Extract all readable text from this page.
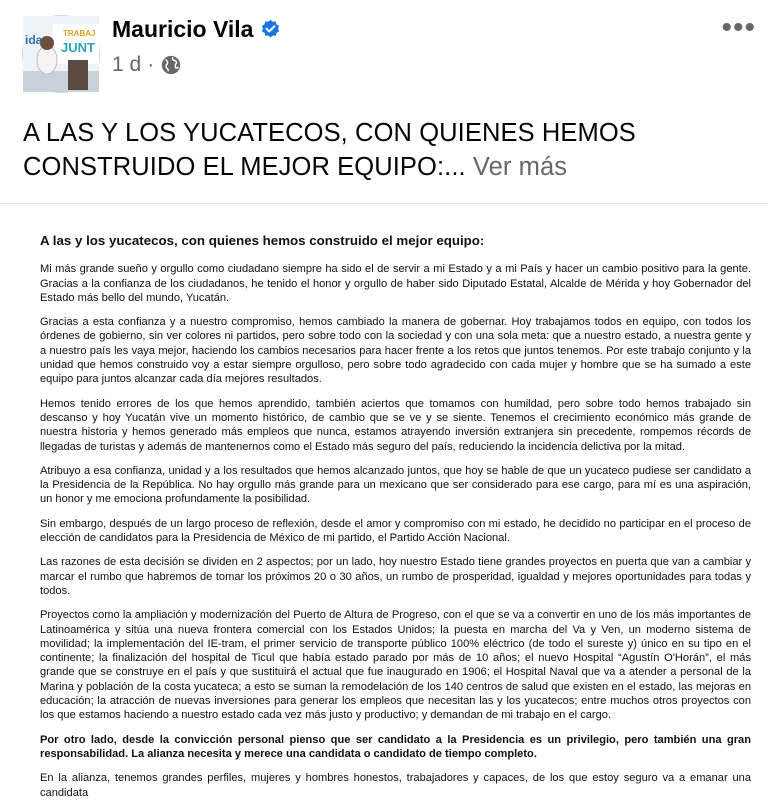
ida	TRABAJ
JUNT
Mauricio Vila
1 d ·
•••
A LAS Y LOS YUCATECOS, CON QUIENES HEMOS CONSTRUIDO EL MEJOR EQUIPO:... Ver más
A las y los yucatecos, con quienes hemos construido el mejor equipo:

Mi más grande sueño y orgullo como ciudadano siempre ha sido el de servir a mi Estado y a mi País y hacer un cambio positivo para la gente. Gracias a la confianza de los ciudadanos, he tenido el honor y orgullo de haber sido Diputado Estatal, Alcalde de Mérida y hoy Gobernador del Estado más bello del mundo, Yucatán.

Gracias a esta confianza y a nuestro compromiso, hemos cambiado la manera de gobernar. Hoy trabajamos todos en equipo, con todos los órdenes de gobierno, sin ver colores ni partidos, pero sobre todo con la sociedad y con una sola meta: que a nuestro estado, a nuestra gente y a nuestro país les vaya mejor, haciendo los cambios necesarios para hacer frente a los retos que juntos tenemos. Por este trabajo conjunto y la unidad que hemos construido voy a estar siempre orgulloso, pero sobre todo agradecido con cada mujer y hombre que se ha sumado a este equipo para juntos alcanzar cada día mejores resultados.

Hemos tenido errores de los que hemos aprendido, también aciertos que tomamos con humildad, pero sobre todo hemos trabajado sin descanso y hoy Yucatán vive un momento histórico, de cambio que se ve y se siente. Tenemos el crecimiento económico más grande de nuestra historia y hemos generado más empleos que nunca, estamos atrayendo inversión extranjera sin precedente, rompemos récords de llegadas de turistas y además de mantenernos como el Estado más seguro del país, reduciendo la incidencia delictiva por la mitad.

Atribuyo a esa confianza, unidad y a los resultados que hemos alcanzado juntos, que hoy se hable de que un yucateco pudiese ser candidato a la Presidencia de la República. No hay orgullo más grande para un mexicano que ser considerado para ese cargo, para mí es una aspiración, un honor y me emociona profundamente la posibilidad.

Sin embargo, después de un largo proceso de reflexión, desde el amor y compromiso con mi estado, he decidido no participar en el proceso de elección de candidatos para la Presidencia de México de mi partido, el Partido Acción Nacional.

Las razones de esta decisión se dividen en 2 aspectos; por un lado, hoy nuestro Estado tiene grandes proyectos en puerta que van a cambiar y marcar el rumbo que habremos de tomar los próximos 20 o 30 años, un rumbo de prosperidad, igualdad y mejores oportunidades para todas y todos.

Proyectos como la ampliación y modernización del Puerto de Altura de Progreso, con el que se va a convertir en uno de los más importantes de Latinoamérica y sitúa una nueva frontera comercial con los Estados Unidos; la puesta en marcha del Va y Ven, un moderno sistema de movilidad; la implementación del IE-tram, el primer servicio de transporte público 100% eléctrico (de todo el sureste y) único en su tipo en el continente; la finalización del hospital de Ticul que había estado parado por más de 10 años; el nuevo Hospital “Agustín O'Horán”, el más grande que se construye en el país y que sustituirá el actual que fue inaugurado en 1906; el Hospital Naval que va a atender a personal de la Marina y población de la costa yucateca; a esto se suman la remodelación de los 140 centros de salud que existen en el estado, las mejoras en educación; la atracción de nuevas inversiones para generar los empleos que necesitan las y los yucatecos; entre muchos otros proyectos con los que estamos haciendo a nuestro estado cada vez más justo y productivo; y demandan de mi trabajo en el cargo.

Por otro lado, desde la convicción personal pienso que ser candidato a la Presidencia es un privilegio, pero también una gran responsabilidad. La alianza necesita y merece una candidata o candidato de tiempo completo.

En la alianza, tenemos grandes perfiles, mujeres y hombres honestos, trabajadores y capaces, de los que estoy seguro va a emanar una candidata
